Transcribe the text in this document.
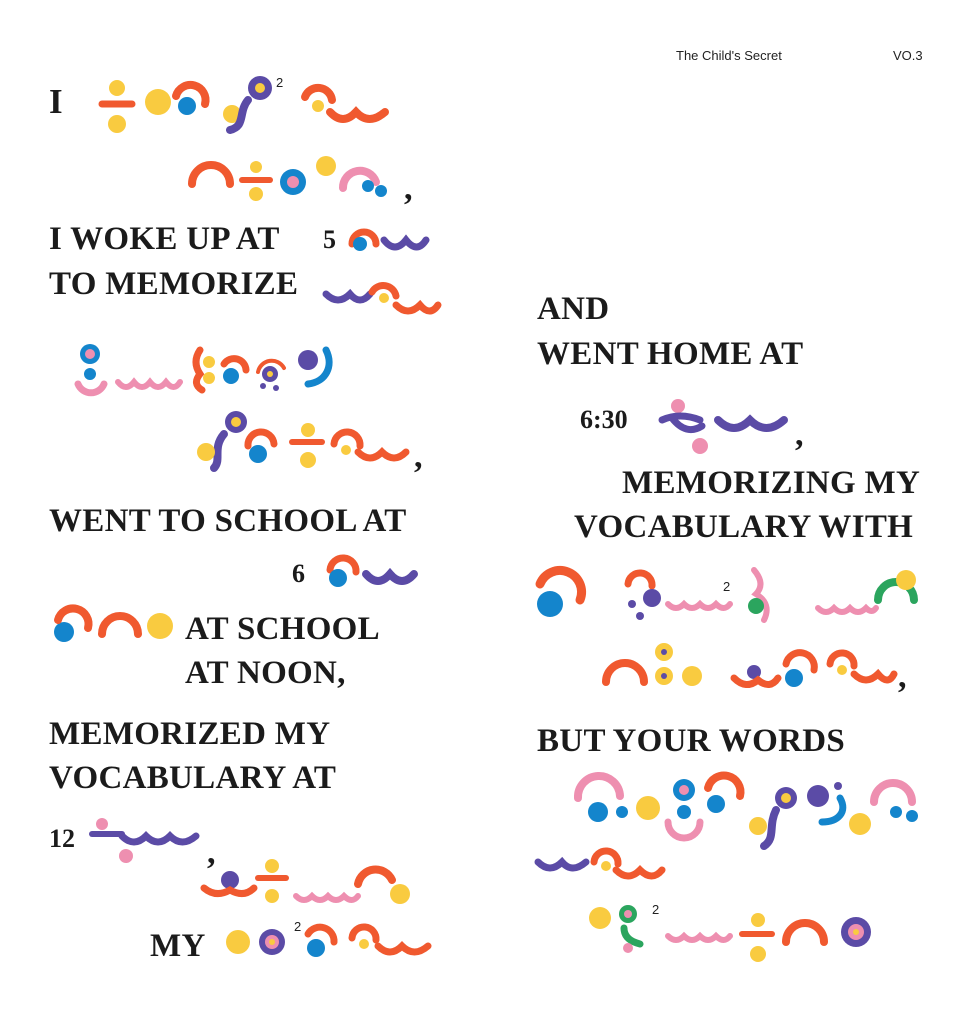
The Child's Secret	VO.3
I	2
,
I WOKE UP AT 5
TO MEMORIZE
,
WENT TO SCHOOL AT
6
AT SCHOOL
AT NOON,
MEMORIZED MY
VOCABULARY AT
12	,
MY
2
AND
WENT HOME AT
6:30	,
MEMORIZING MY
VOCABULARY WITH
2
,
BUT YOUR WORDS
2
